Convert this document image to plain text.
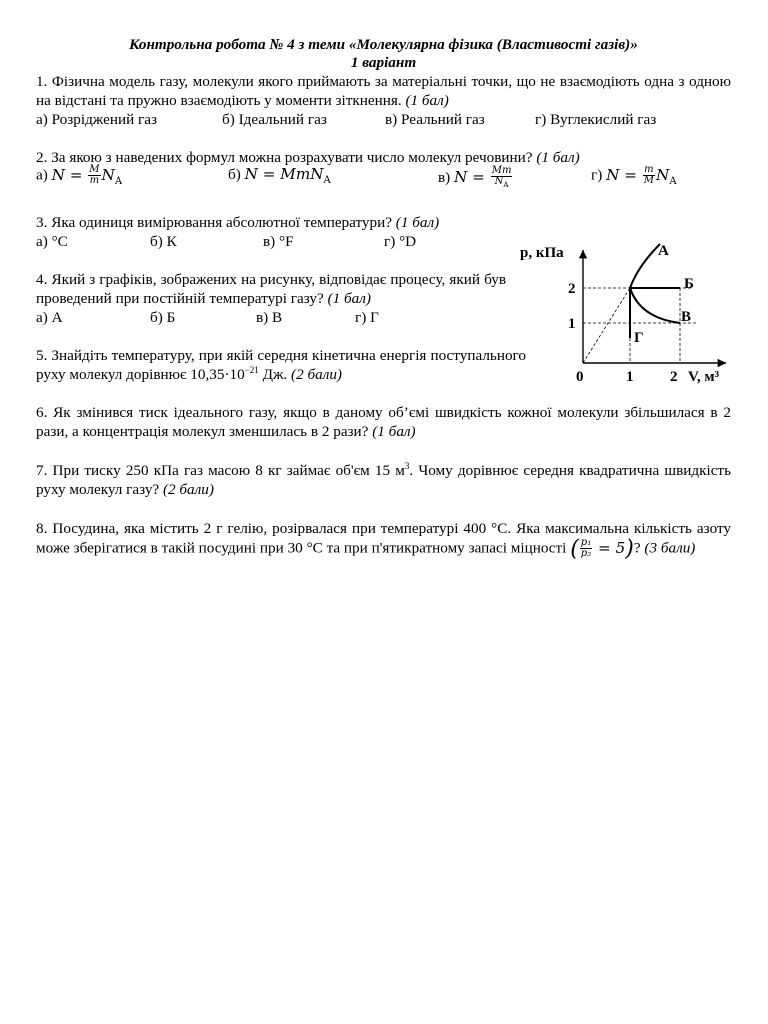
Контрольна робота № 4 з теми «Молекулярна фізика (Властивості газів)»
1 варіант
1. Фізична модель газу, молекули якого приймають за матеріальні точки, що не взаємодіють одна з одною на відстані та пружно взаємодіють у моменти зіткнення. (1 бал)
а) Розріджений газ	б) Ідеальний газ	в) Реальний газ	г) Вуглекислий газ
2. За якою з наведених формул можна розрахувати число молекул речовини? (1 бал)
а) $N = \frac{M}{m} N_A$	б) N = MmN$_A$	в) $N = \frac{Mm}{N_A}$	г) $N = \frac{m}{M} N_A$
3. Яка одиниця вимірювання абсолютної температури? (1 бал)
а) °С	б) К	в) °F	г) °D
4. Який з графіків, зображених на рисунку, відповідає процесу, який був проведений при постійній температурі газу? (1 бал)
а) А	б) Б	в) В	г) Г
5. Знайдіть температуру, при якій середня кінетична енергія поступального руху молекул дорівнює $10,35\cdot 10^{-21}$ Дж. (2 бали)
6. Як змінився тиск ідеального газу, якщо в даному об’ємі швидкість кожної молекули збільшилася в 2 рази, а концентрація молекул зменшилась в 2 рази? (1 бал)
7. При тиску 250 кПа газ масою 8 кг займає об'єм 15 $м^3$. Чому дорівнює середня квадратична швидкість руху молекул газу? (2 бали)
8. Посудина, яка містить 2 г гелію, розірвалася при температурі 400 °С. Яка максимальна кількість азоту може зберігатися в такій посудині при 30 °С та при п'ятикратному запасі міцності ( $\frac{\text{p₁}}{\text{p₂}} = 5$)? (3 бали)
p, кПа
V, м³
2
1
0	1 2
А
Б
В
Г
